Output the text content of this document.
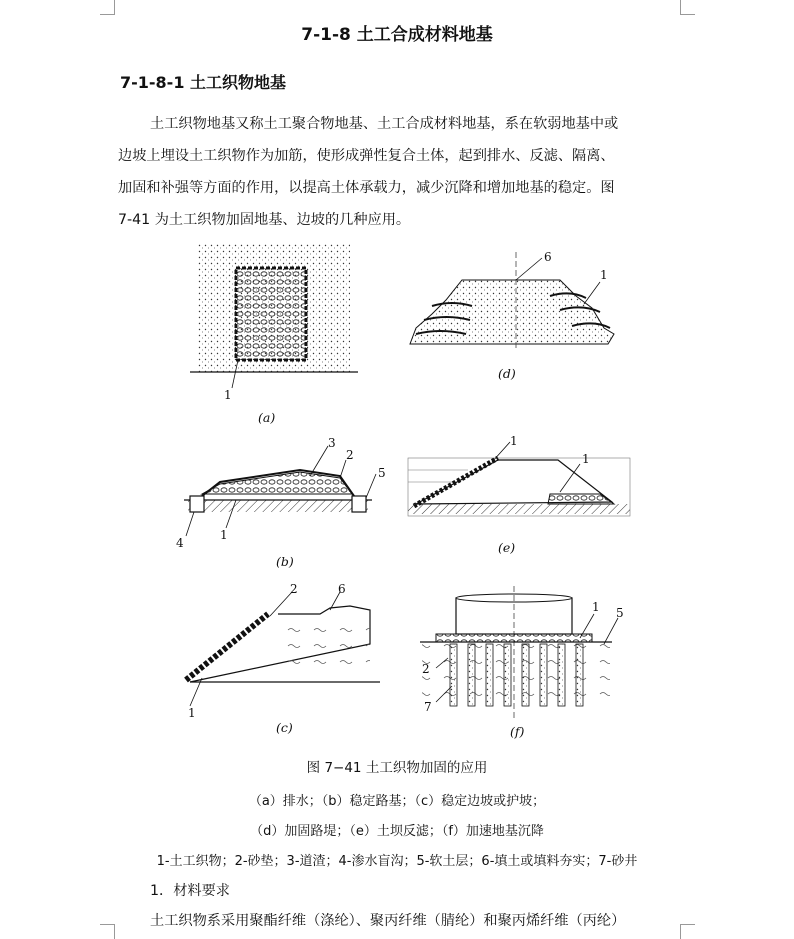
7-1-8 土工合成材料地基
7-1-8-1 土工织物地基
土工织物地基又称土工聚合物地基、土工合成材料地基，系在软弱地基中或
边坡上埋设土工织物作为加筋，使形成弹性复合土体，起到排水、反滤、隔离、
加固和补强等方面的作用，以提高土体承载力，减少沉降和增加地基的稳定。图
7-41 为土工织物加固地基、边坡的几种应用。
1
6
1
3
2
5
4
1
1
1
2	6
1
1 5
2
7
(a)
(b)
(c)
(d)
(e)
(f)
图 7−41 土工织物加固的应用
（a）排水；（b）稳定路基；（c）稳定边坡或护坡；
（d）加固路堤；（e）土坝反滤；（f）加速地基沉降
1-土工织物；2-砂垫；3-道渣；4-渗水盲沟；5-软土层；6-填土或填料夯实；7-砂井
1．材料要求
土工织物系采用聚酯纤维（涤纶）、聚丙纤维（腈纶）和聚丙烯纤维（丙纶）
